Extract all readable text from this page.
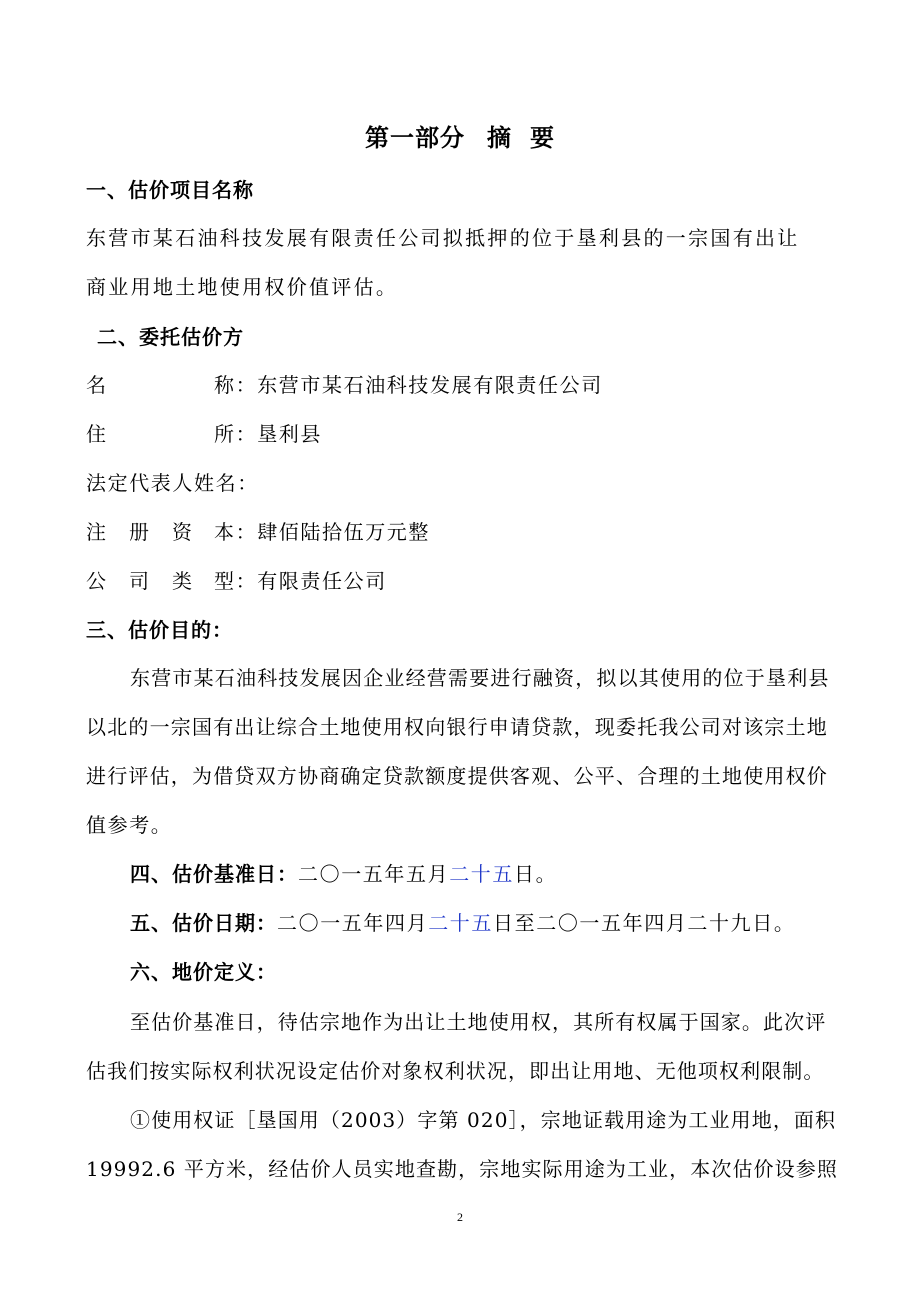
第一部分 摘 要
一、估价项目名称
东营市某石油科技发展有限责任公司拟抵押的位于垦利县的一宗国有出让
商业用地土地使用权价值评估。
二、委托估价方
名	称：东营市某石油科技发展有限责任公司
住	所：垦利县
法定代表人姓名：
注 册 资 本：肆佰陆拾伍万元整
公 司 类 型：有限责任公司
三、估价目的：
东营市某石油科技发展因企业经营需要进行融资，拟以其使用的位于垦利县
以北的一宗国有出让综合土地使用权向银行申请贷款，现委托我公司对该宗土地
进行评估，为借贷双方协商确定贷款额度提供客观、公平、合理的土地使用权价
值参考。
四、估价基准日：二〇一五年五月二十五日。
五、估价日期：二〇一五年四月二十五日至二〇一五年四月二十九日。
六、地价定义：
至估价基准日，待估宗地作为出让土地使用权，其所有权属于国家。此次评
估我们按实际权利状况设定估价对象权利状况，即出让用地、无他项权利限制。
①使用权证［垦国用（2003）字第 020］，宗地证载用途为工业用地，面积
19992.6 平方米，经估价人员实地查勘，宗地实际用途为工业，本次估价设参照
2
